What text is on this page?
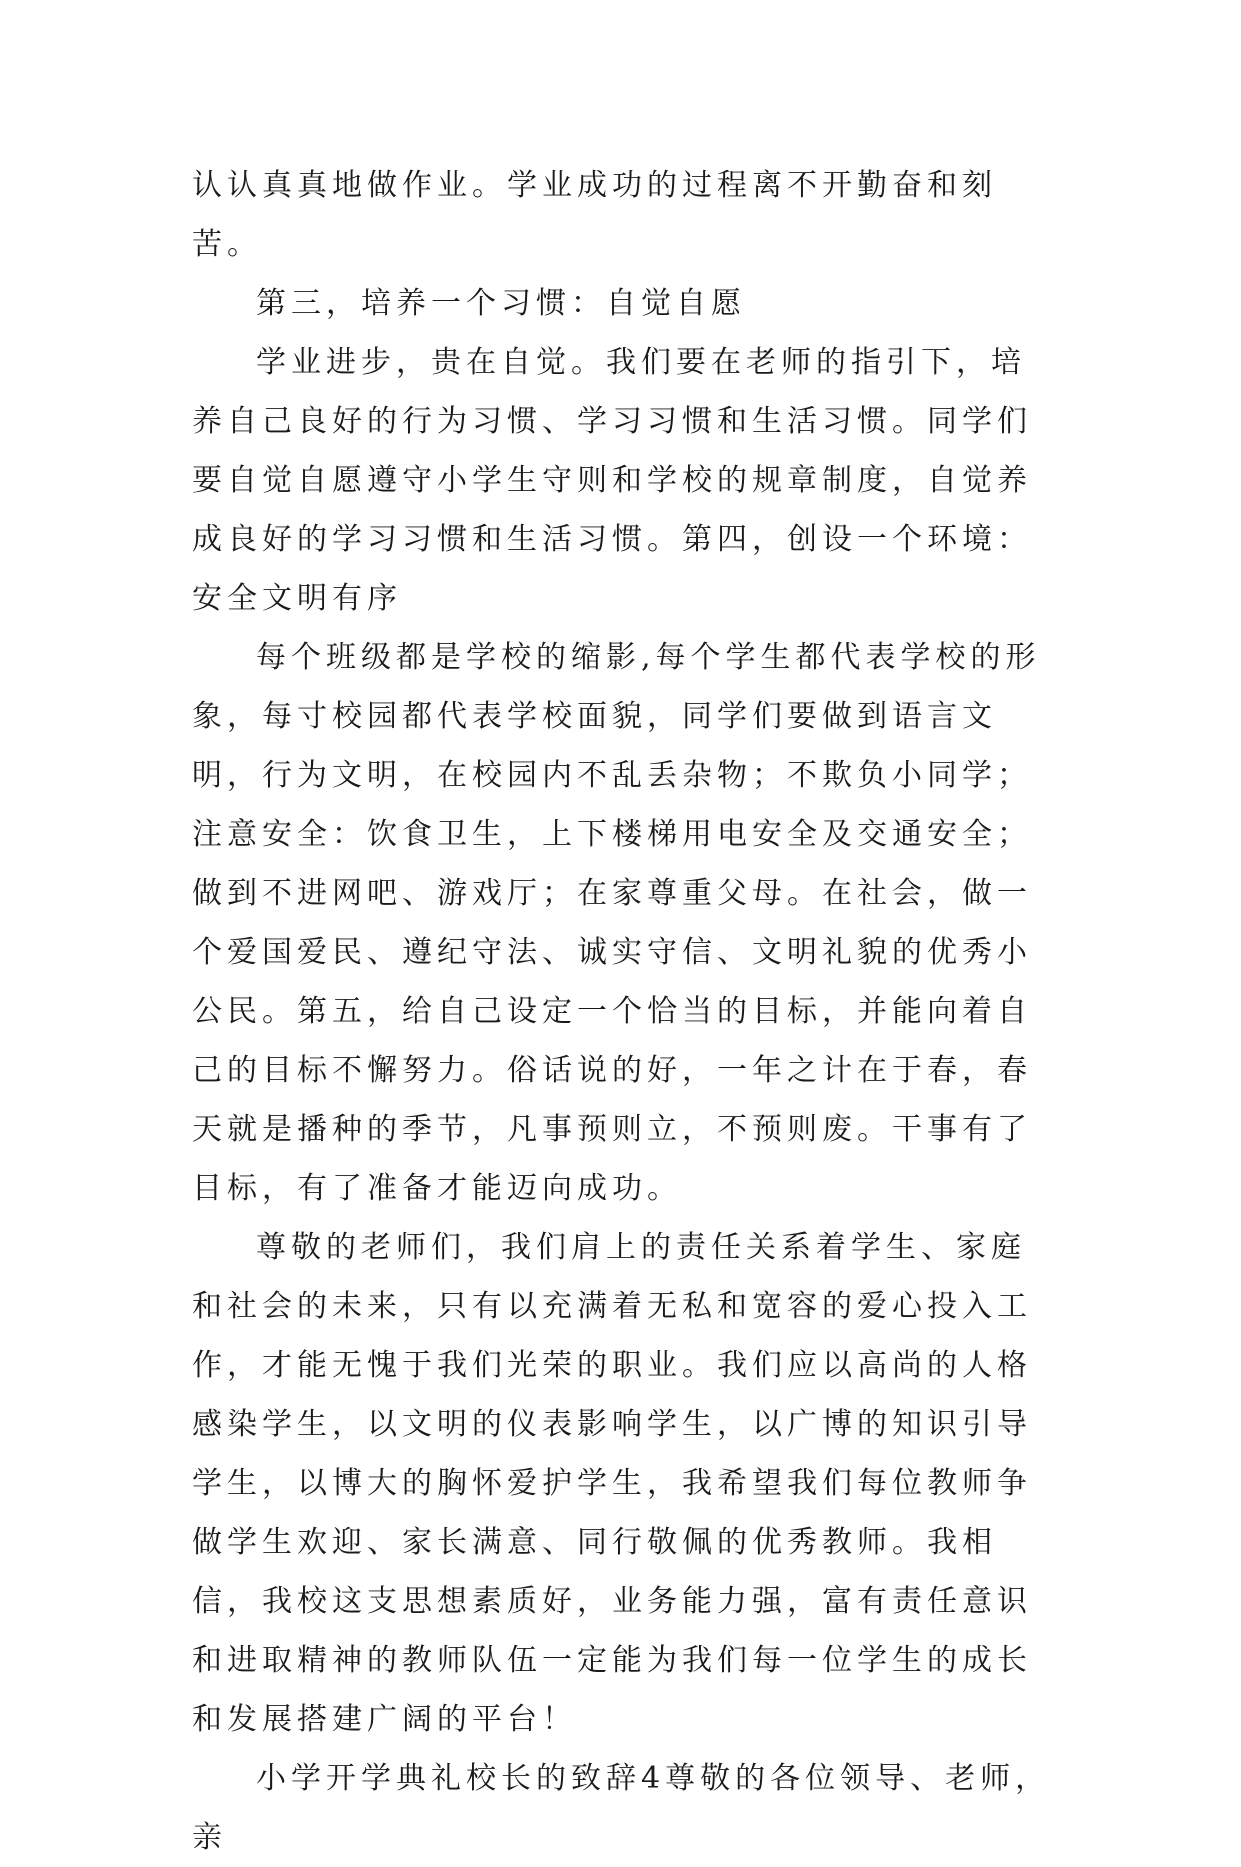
认认真真地做作业。学业成功的过程离不开勤奋和刻苦。

第三，培养一个习惯：自觉自愿

学业进步，贵在自觉。我们要在老师的指引下，培养自己良好的行为习惯、学习习惯和生活习惯。同学们要自觉自愿遵守小学生守则和学校的规章制度，自觉养成良好的学习习惯和生活习惯。第四，创设一个环境：安全文明有序

每个班级都是学校的缩影,每个学生都代表学校的形象，每寸校园都代表学校面貌，同学们要做到语言文明，行为文明，在校园内不乱丢杂物；不欺负小同学；注意安全：饮食卫生，上下楼梯用电安全及交通安全；做到不进网吧、游戏厅；在家尊重父母。在社会，做一个爱国爱民、遵纪守法、诚实守信、文明礼貌的优秀小公民。第五，给自己设定一个恰当的目标，并能向着自己的目标不懈努力。俗话说的好，一年之计在于春，春天就是播种的季节，凡事预则立，不预则废。干事有了目标，有了准备才能迈向成功。

尊敬的老师们，我们肩上的责任关系着学生、家庭和社会的未来，只有以充满着无私和宽容的爱心投入工作，才能无愧于我们光荣的职业。我们应以高尚的人格感染学生，以文明的仪表影响学生，以广博的知识引导学生，以博大的胸怀爱护学生，我希望我们每位教师争做学生欢迎、家长满意、同行敬佩的优秀教师。我相信，我校这支思想素质好，业务能力强，富有责任意识和进取精神的教师队伍一定能为我们每一位学生的成长和发展搭建广阔的平台！

小学开学典礼校长的致辞4尊敬的各位领导、老师，亲
